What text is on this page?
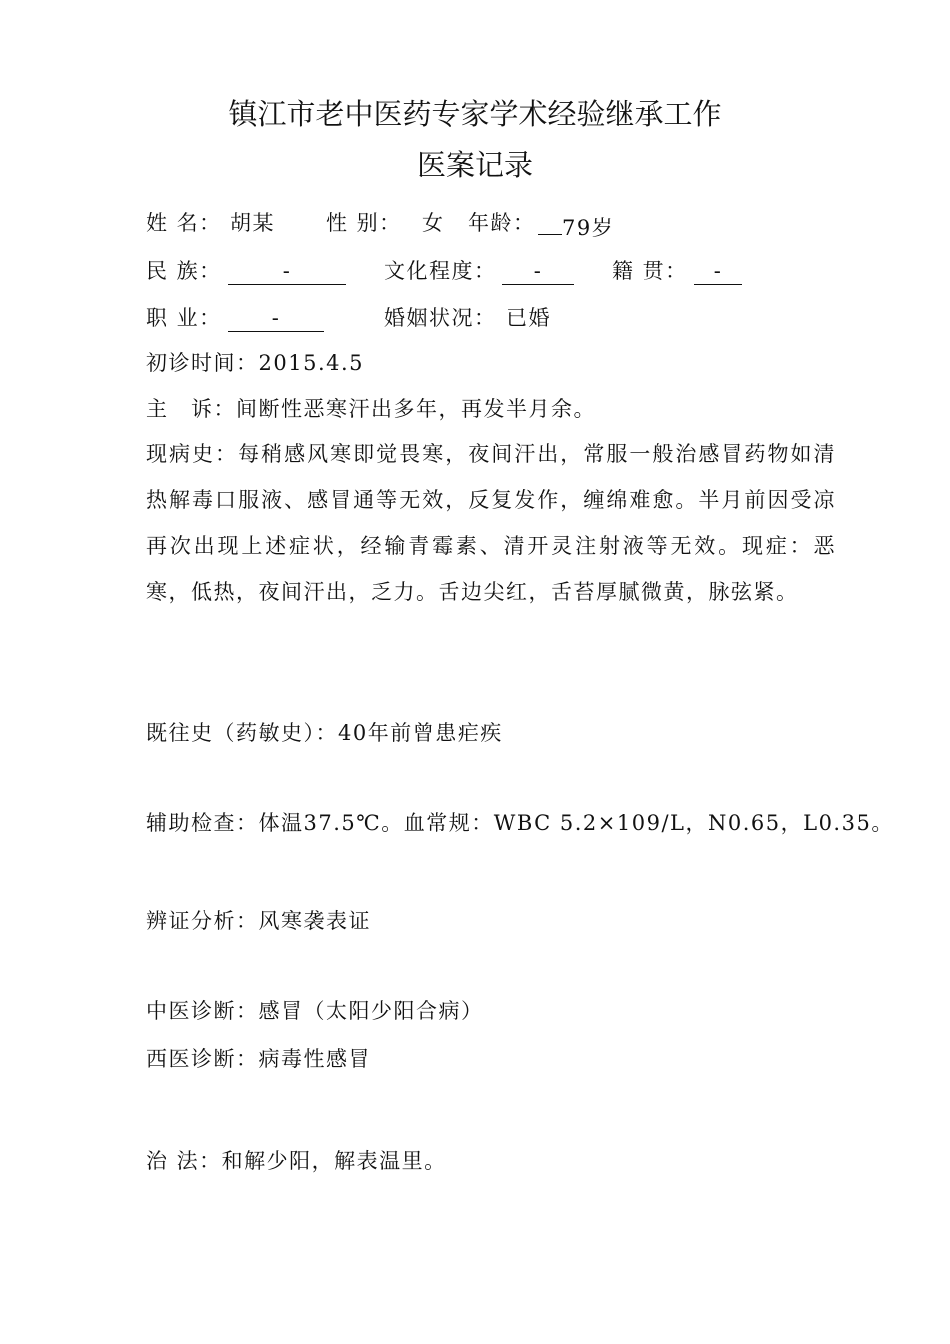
镇江市老中医药专家学术经验继承工作
医案记录
姓 名： 胡某 性 别： 女 年龄：	79岁
民 族：	-	文化程度：	-	籍 贯：	-
职 业：	-	婚姻状况： 已婚
初诊时间：2015.4.5
主　诉：间断性恶寒汗出多年，再发半月余。
现病史：每稍感风寒即觉畏寒，夜间汗出，常服一般治感冒药物如清热解毒口服液、感冒通等无效，反复发作，缠绵难愈。半月前因受凉再次出现上述症状，经输青霉素、清开灵注射液等无效。现症：恶寒，低热，夜间汗出，乏力。舌边尖红，舌苔厚腻微黄，脉弦紧。
既往史（药敏史）：40年前曾患疟疾
辅助检查：体温37.5℃。血常规：WBC 5.2×109/L，N0.65，L0.35。
辨证分析：风寒袭表证
中医诊断：感冒（太阳少阳合病）
西医诊断：病毒性感冒
治 法：和解少阳，解表温里。
